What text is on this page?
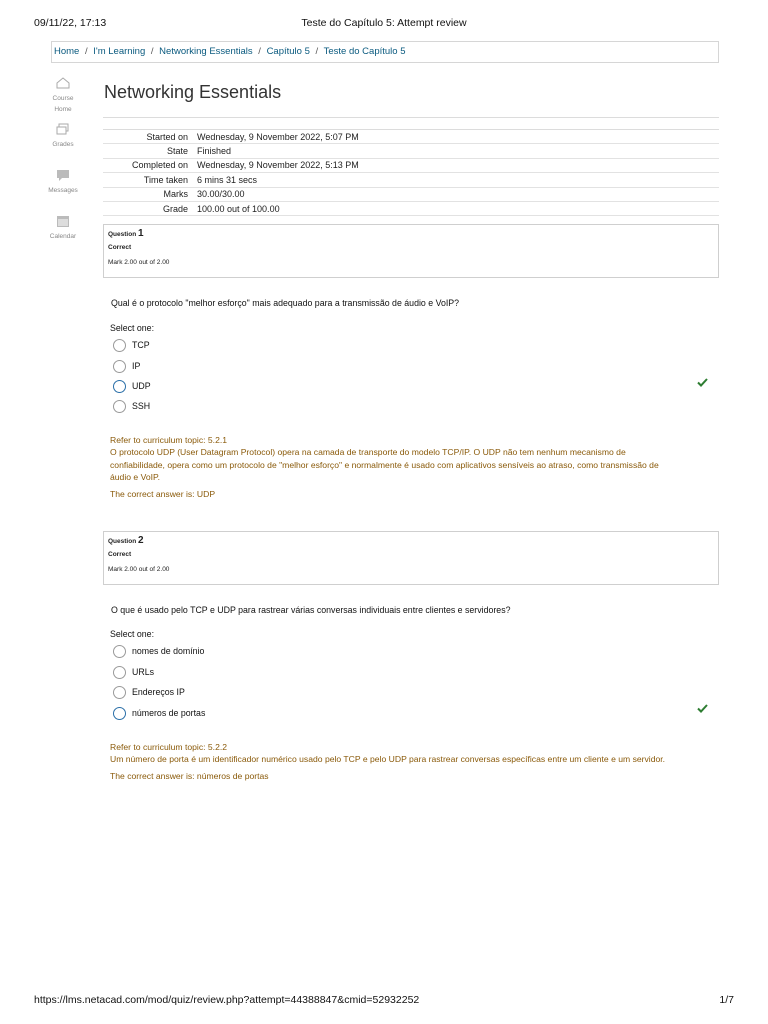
09/11/22, 17:13	Teste do Capítulo 5: Attempt review
Home / I'm Learning / Networking Essentials / Capítulo 5 / Teste do Capítulo 5
Course
Home
Grades
Messages
Calendar
Networking Essentials
Started on	Wednesday, 9 November 2022, 5:07 PM
State	Finished
Completed on	Wednesday, 9 November 2022, 5:13 PM
Time taken	6 mins 31 secs
Marks	30.00/30.00
Grade	100.00 out of 100.00
Question 1
Correct
Mark 2.00 out of 2.00
Qual é o protocolo "melhor esforço" mais adequado para a transmissão de áudio e VoIP?
Select one:
TCP
IP
UDP
SSH
Refer to curriculum topic: 5.2.1
O protocolo UDP (User Datagram Protocol) opera na camada de transporte do modelo TCP/IP. O UDP não tem nenhum mecanismo de
confiabilidade, opera como um protocolo de "melhor esforço" e normalmente é usado com aplicativos sensíveis ao atraso, como transmissão de
áudio e VoIP.
The correct answer is: UDP
Question 2
Correct
Mark 2.00 out of 2.00
O que é usado pelo TCP e UDP para rastrear várias conversas individuais entre clientes e servidores?
Select one:
nomes de domínio
URLs
Endereços IP
números de portas
Refer to curriculum topic: 5.2.2
Um número de porta é um identificador numérico usado pelo TCP e pelo UDP para rastrear conversas específicas entre um cliente e um servidor.
The correct answer is: números de portas
https://lms.netacad.com/mod/quiz/review.php?attempt=44388847&cmid=52932252	1/7
